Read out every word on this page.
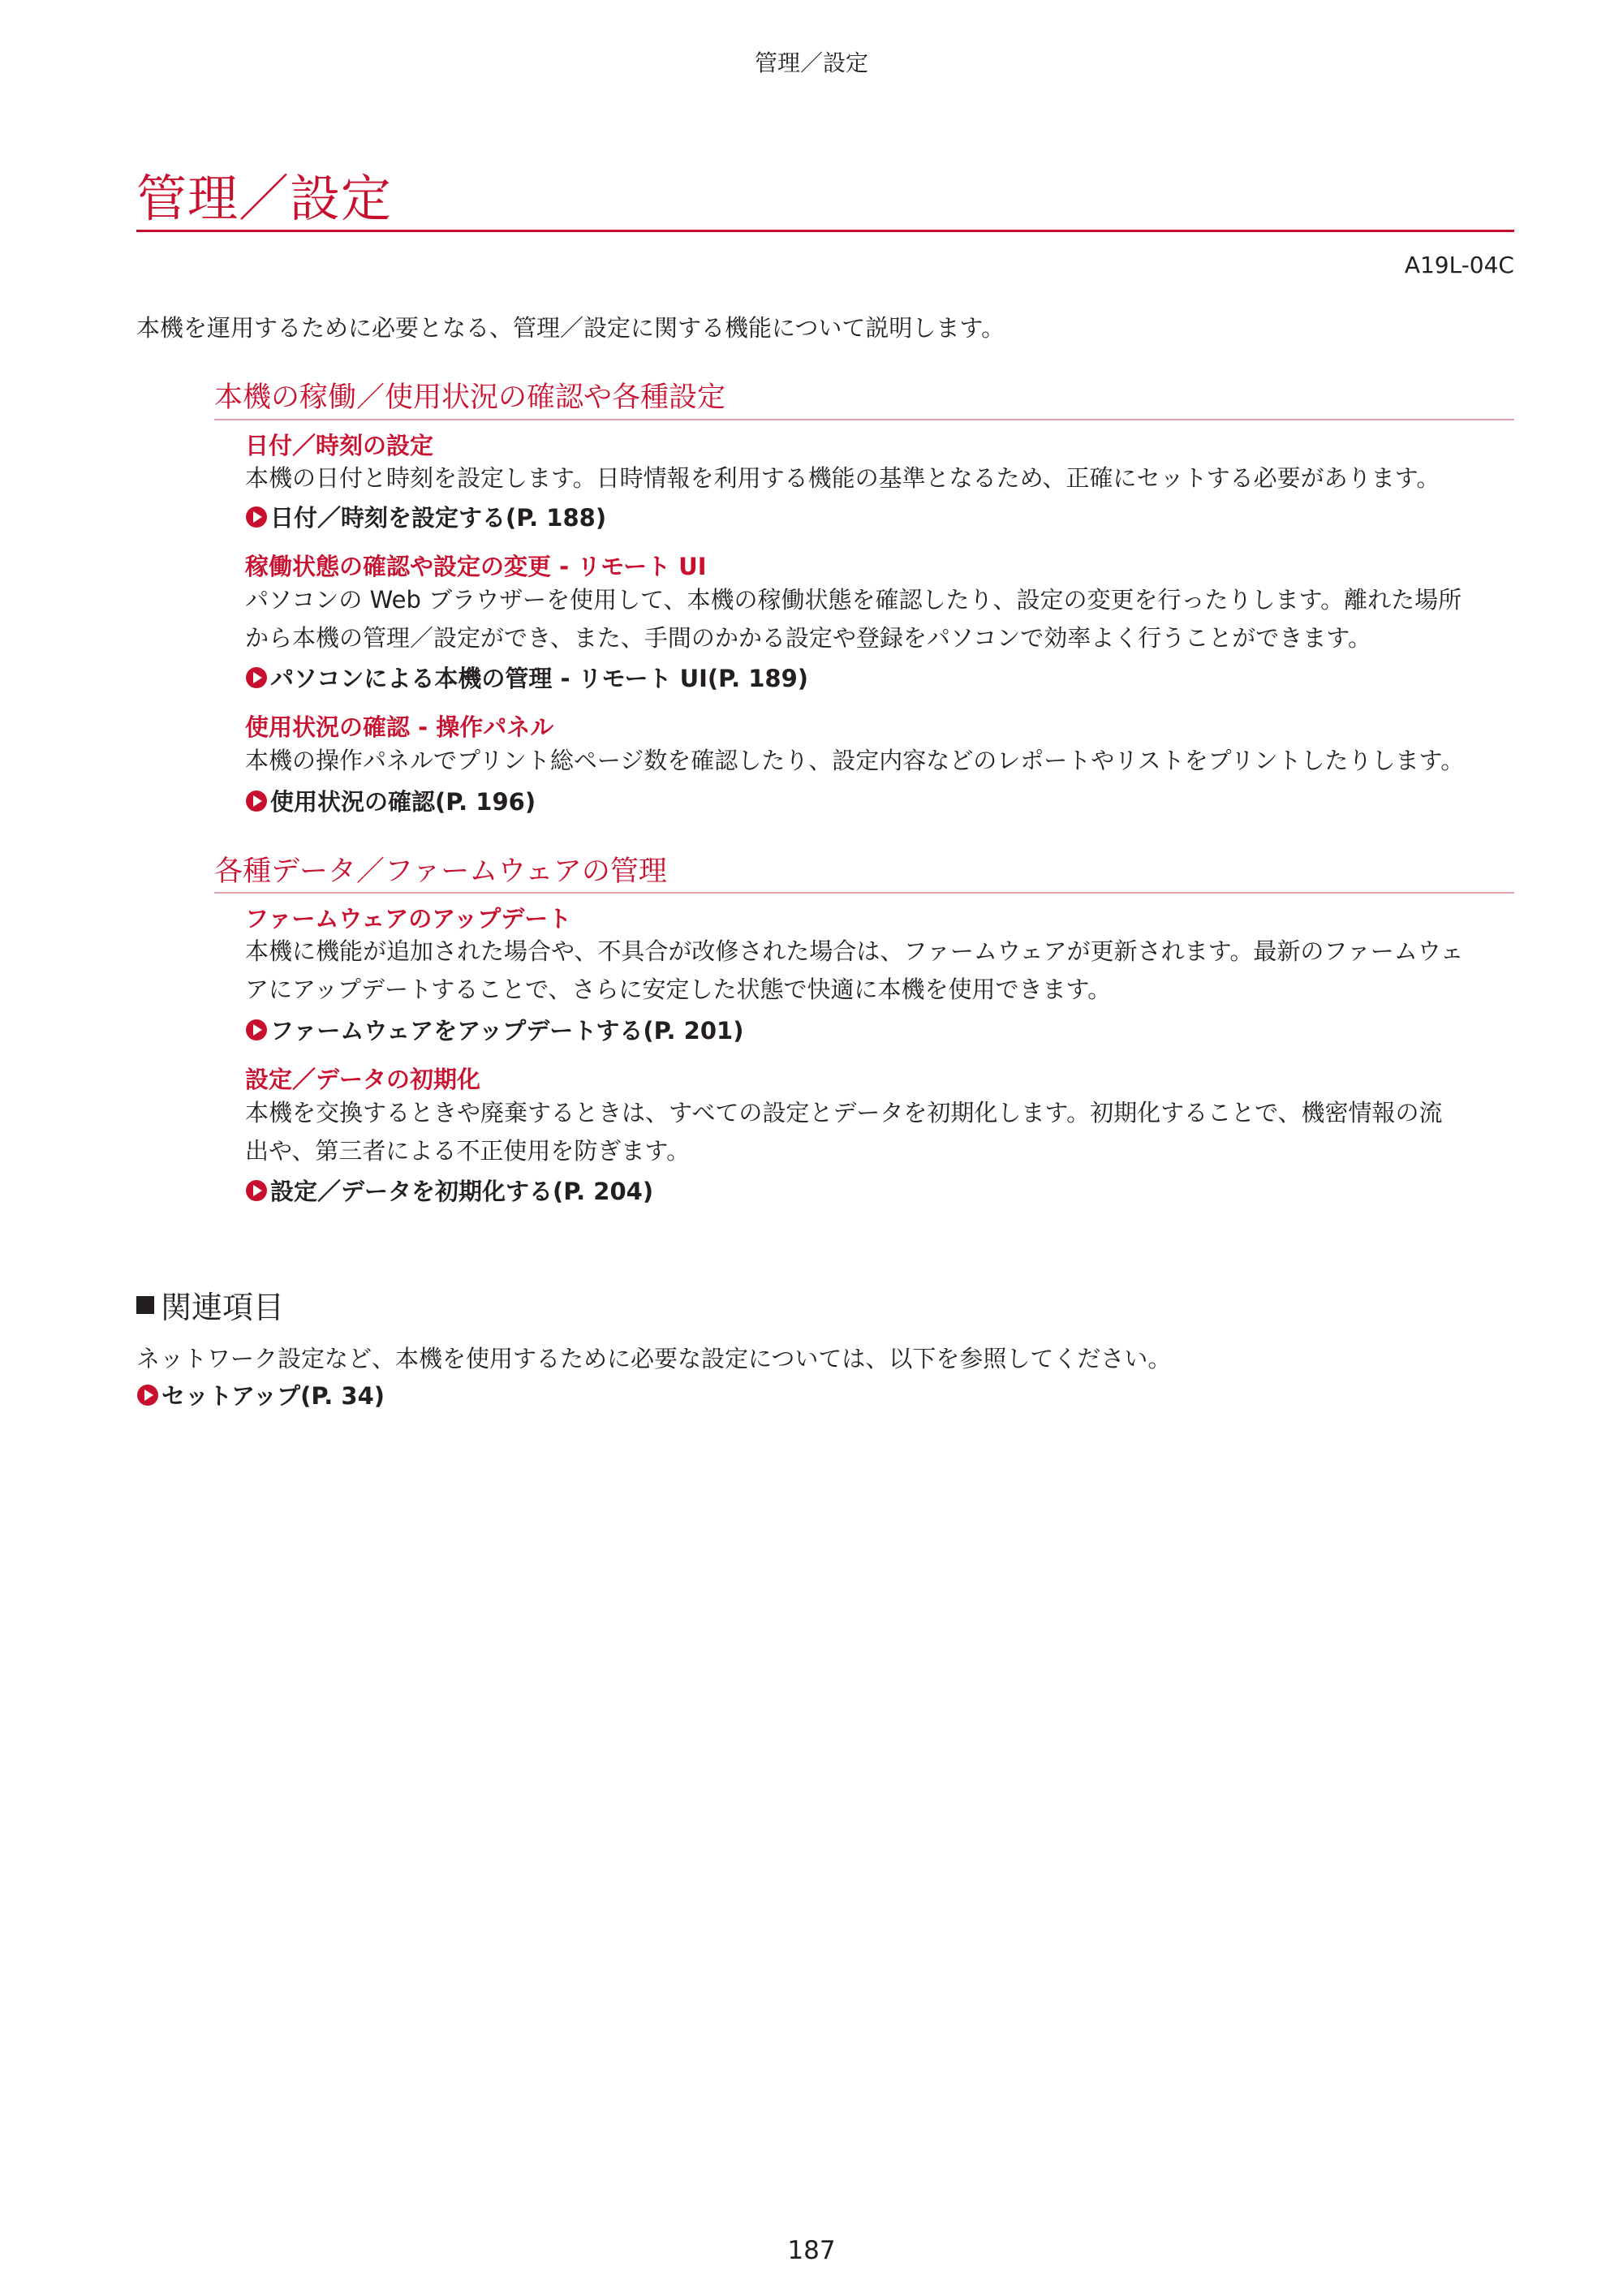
管理／設定
管理／設定
A19L-04C
本機を運用するために必要となる、管理／設定に関する機能について説明します。
本機の稼働／使用状況の確認や各種設定
日付／時刻の設定

本機の日付と時刻を設定します。日時情報を利用する機能の基準となるため、正確にセットする必要があります。

日付／時刻を設定する(P. 188)
稼働状態の確認や設定の変更 - リモート UI

パソコンの Web ブラウザーを使用して、本機の稼働状態を確認したり、設定の変更を行ったりします。離れた場所
から本機の管理／設定ができ、また、手間のかかる設定や登録をパソコンで効率よく行うことができます。

パソコンによる本機の管理 - リモート UI(P. 189)
使用状況の確認 - 操作パネル

本機の操作パネルでプリント総ページ数を確認したり、設定内容などのレポートやリストをプリントしたりします。

使用状況の確認(P. 196)
各種データ／ファームウェアの管理
ファームウェアのアップデート

本機に機能が追加された場合や、不具合が改修された場合は、ファームウェアが更新されます。最新のファームウェ
アにアップデートすることで、さらに安定した状態で快適に本機を使用できます。

ファームウェアをアップデートする(P. 201)
設定／データの初期化

本機を交換するときや廃棄するときは、すべての設定とデータを初期化します。初期化することで、機密情報の流
出や、第三者による不正使用を防ぎます。

設定／データを初期化する(P. 204)
関連項目
ネットワーク設定など、本機を使用するために必要な設定については、以下を参照してください。
セットアップ(P. 34)
187
